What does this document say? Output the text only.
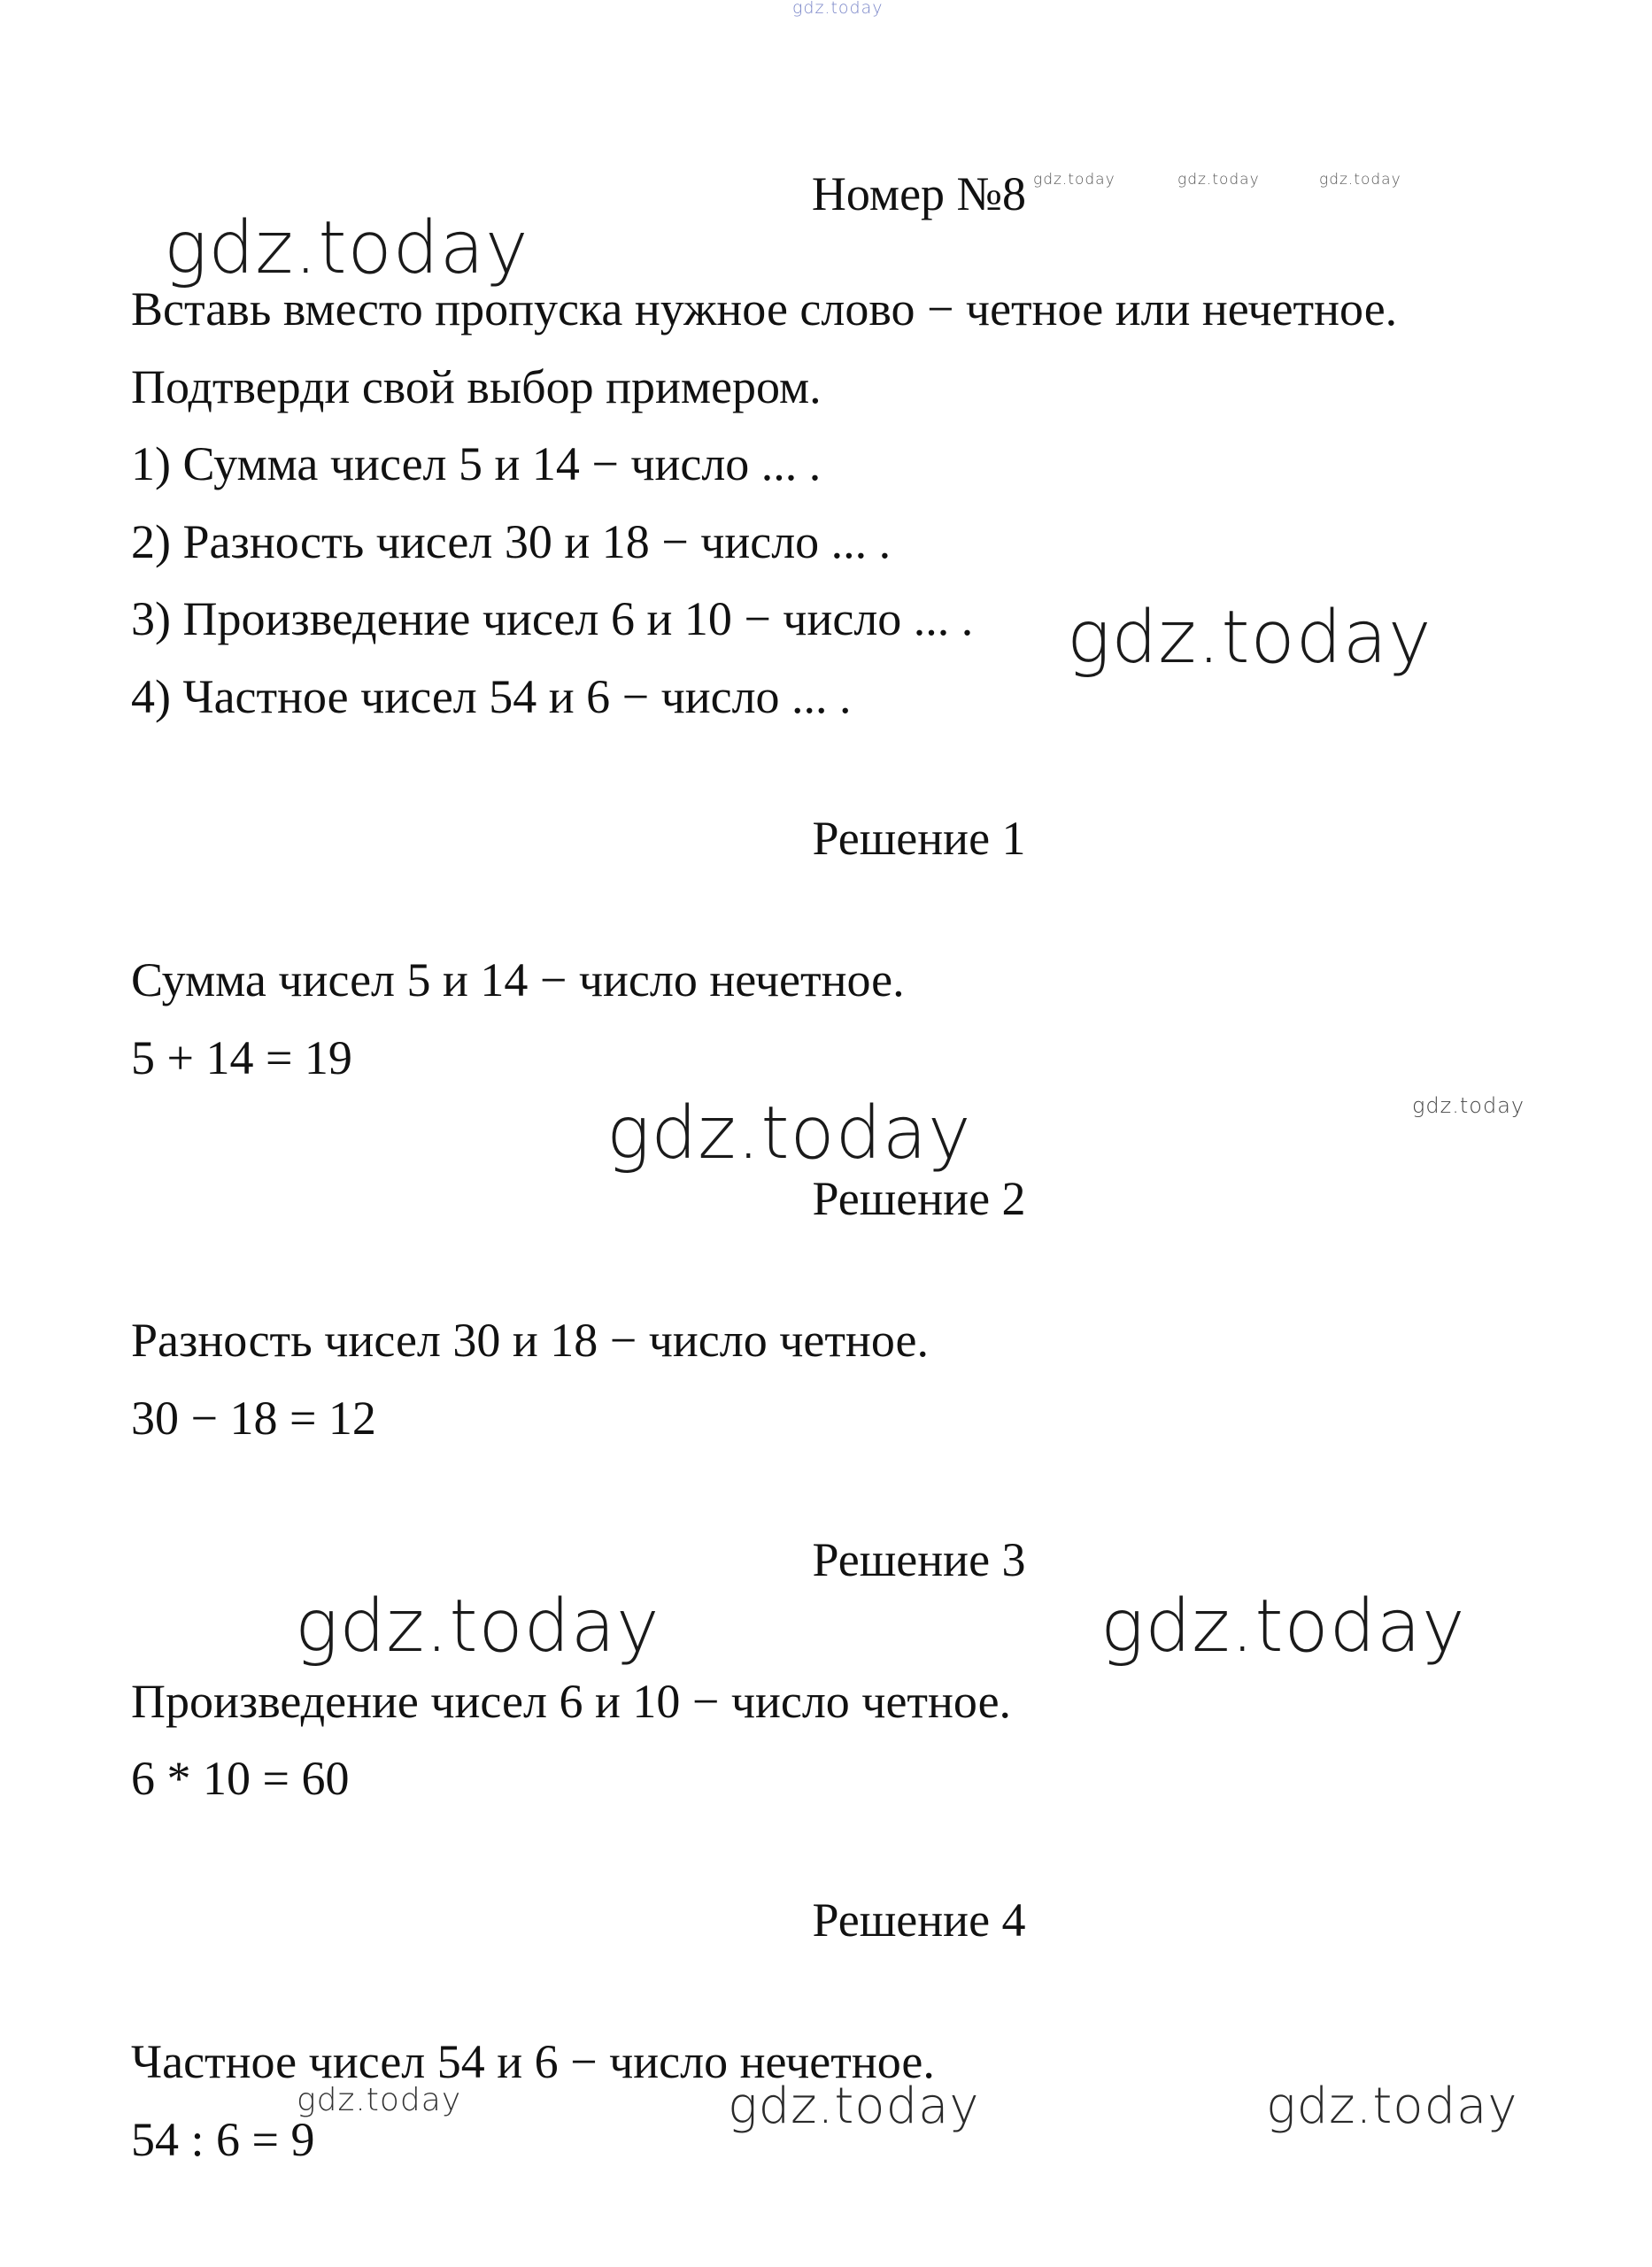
gdz.today
gdz.today	gdz.today	gdz.today
gdz.today
gdz.today
gdz.today
gdz.today
gdz.today	gdz.today
gdz.today	gdz.today	gdz.today
Номер №8
Вставь вместо пропуска нужное слово − четное или нечетное.
Подтверди свой выбор примером.
1) Сумма чисел 5 и 14 − число ... .
2) Разность чисел 30 и 18 − число ... .
3) Произведение чисел 6 и 10 − число ... .
4) Частное чисел 54 и 6 − число ... .
Решение 1
Сумма чисел 5 и 14 − число нечетное.
5 + 14 = 19
Решение 2
Разность чисел 30 и 18 − число четное.
30 − 18 = 12
Решение 3
Произведение чисел 6 и 10 − число четное.
6 * 10 = 60
Решение 4
Частное чисел 54 и 6 − число нечетное.
54 : 6 = 9
